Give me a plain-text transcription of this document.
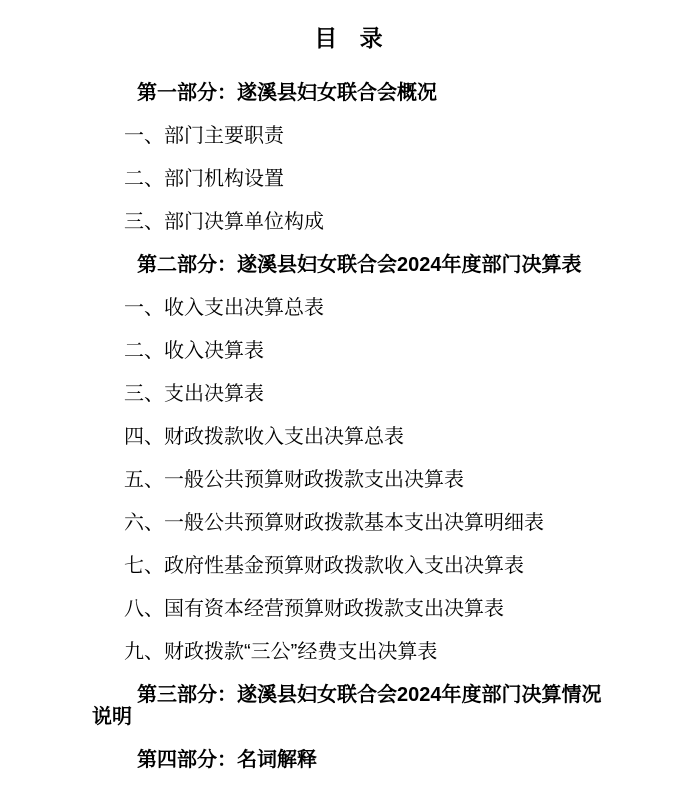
目 录

第一部分：遂溪县妇女联合会概况

一、部门主要职责

二、部门机构设置

三、部门决算单位构成

第二部分：遂溪县妇女联合会2024年度部门决算表

一、收入支出决算总表

二、收入决算表

三、支出决算表

四、财政拨款收入支出决算总表

五、一般公共预算财政拨款支出决算表

六、一般公共预算财政拨款基本支出决算明细表

七、政府性基金预算财政拨款收入支出决算表

八、国有资本经营预算财政拨款支出决算表

九、财政拨款“三公”经费支出决算表

第三部分：遂溪县妇女联合会2024年度部门决算情况说明

第四部分：名词解释
